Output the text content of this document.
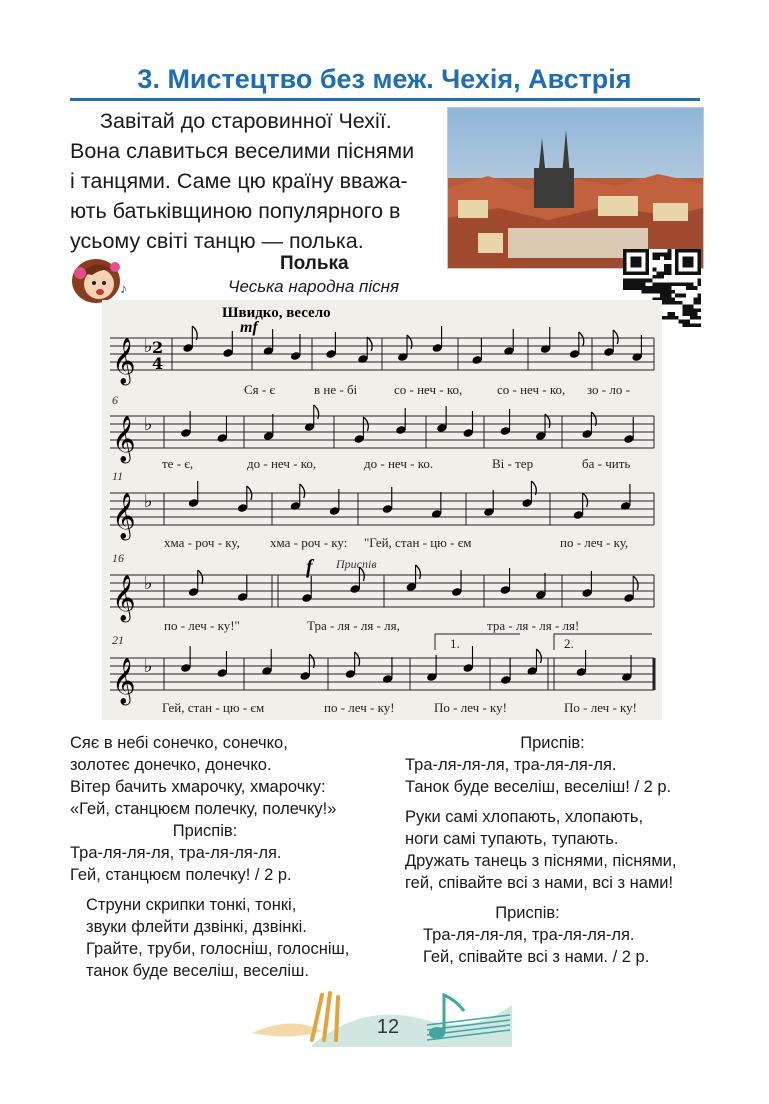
3. Мистецтво без меж. Чехія, Австрія
Завітай до старовинної Чехії.
Вона славиться веселими піснями
і танцями. Саме цю країну вважа-
ють батьківщиною популярного в
усьому світі танцю — полька.
♪
Полька
Чеська народна пісня
Швидко, весело
mf
f Приспів
6
11
16
21	1.	2.
𝄞 ♭ 2
4
𝄞 ♭
𝄞 ♭
𝄞 ♭
𝄞 ♭
Ся - є	в не - бі	со - неч - ко,	со - неч - ко, зо - ло -
те - є,	до - неч - ко,	до - неч - ко.	Ві - тер	ба - чить
хма - роч - ку, хма - роч - ку: "Гей, стан - цю - єм	по - леч - ку,
по - леч - ку!"	Тра - ля - ля - ля,	тра - ля - ля - ля!
Гей, стан - цю - єм	по - леч - ку!	По - леч - ку!	По - леч - ку!
Сяє в небі сонечко, сонечко,
золотеє донечко, донечко.
Вітер бачить хмарочку, хмарочку:
«Гей, станцюєм полечку, полечку!»
Приспів:
Тра-ля-ля-ля, тра-ля-ля-ля.
Гей, станцюєм полечку! / 2 р.
Струни скрипки тонкі, тонкі,
звуки флейти дзвінкі, дзвінкі.
Грайте, труби, голосніш, голосніш,
танок буде веселіш, веселіш.
Приспів:
Тра-ля-ля-ля, тра-ля-ля-ля.
Танок буде веселіш, веселіш! / 2 р.
Руки самі хлопають, хлопають,
ноги самі тупають, тупають.
Дружать танець з піснями, піснями,
гей, співайте всі з нами, всі з нами!
Приспів:
Тра-ля-ля-ля, тра-ля-ля-ля.
Гей, співайте всі з нами. / 2 р.
12
